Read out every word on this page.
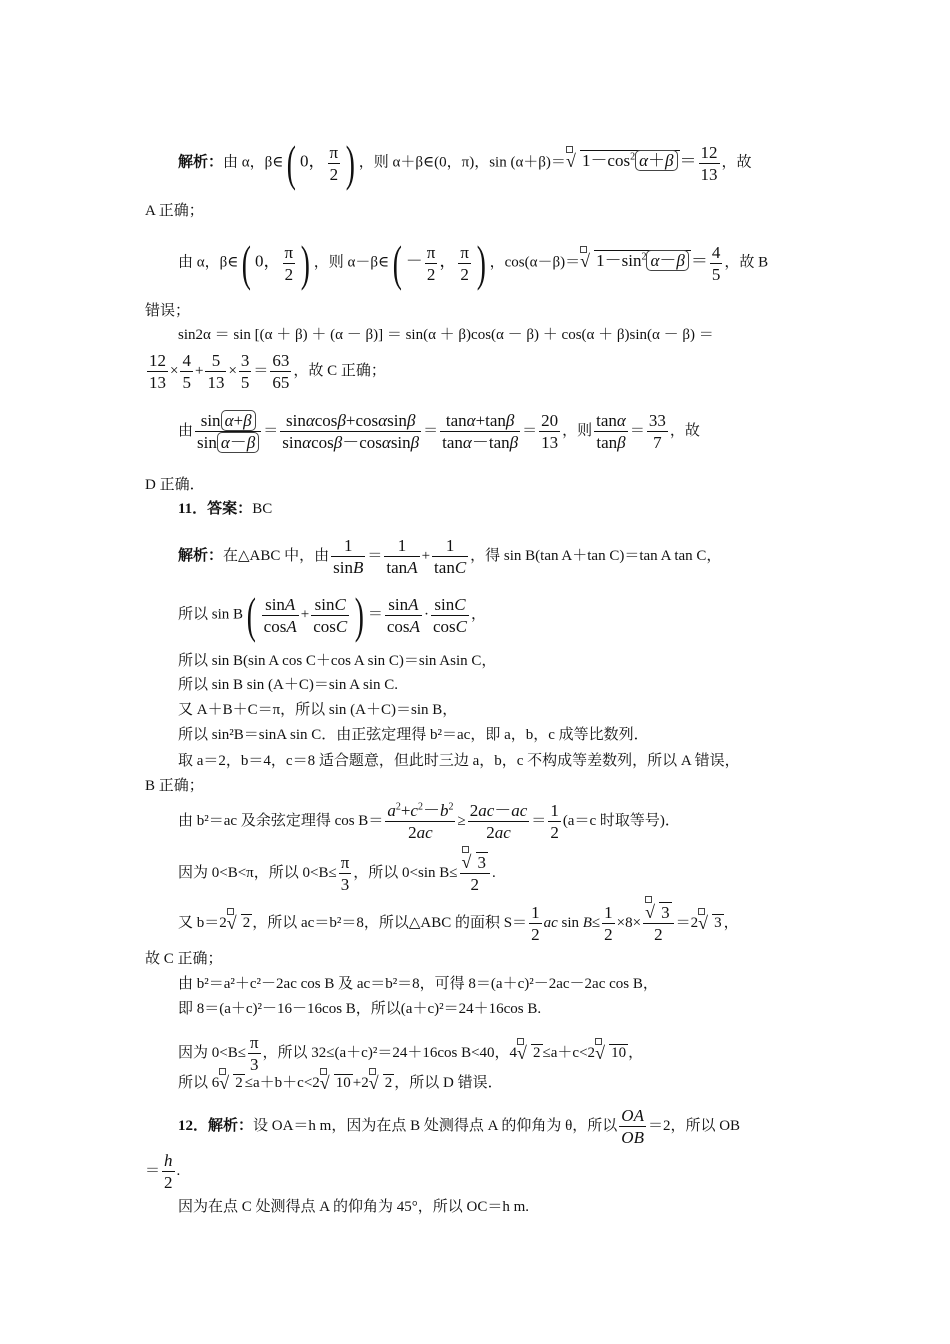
解析：由 α，β∈( 0， $\frac{\pi}{2}$ ) ，则 α＋β∈(0，π)，sin (α＋β)＝ √ $1-\cos^2$ $\alpha+\beta = \frac{12}{13}$ ，故
A 正确；
由 α，β∈( 0， $\frac{\pi}{2}$ ) ，则 α－β∈( － $\frac{\pi}{2}$ ， $\frac{\pi}{2}$ ) ，cos(α－β)＝ √ $1-\sin^2$ $\alpha-\beta = \frac{4}{5}$ ，故 B
错误；
sin2α ＝ sin [(α ＋ β) ＋ (α － β)] ＝ sin(α ＋ β)cos(α － β) ＋ cos(α ＋ β)sin(α － β) ＝
$\frac{12}{13} \times \frac{4}{5} + \frac{5}{13} \times \frac{3}{5} = \frac{63}{65}$ ，故 C 正确；
由 $\frac{\text{sin α+β}}{\text{sin α－β}} = \frac{\sin\alpha\cos\beta+\cos\alpha\sin\beta}{\sin\alpha\cos\beta-\cos\alpha\sin\beta} = \frac{\tan\alpha+\tan\beta}{\tan\alpha-\tan\beta} = \frac{20}{13}$ ，则 $\frac{\tan\alpha}{\tan\beta} = \frac{33}{7}$ ，故
D 正确．
11．答案：BC
解析：在△ABC 中，由 $\frac{1}{\sin B} = \frac{1}{\tan A} + \frac{1}{\tan C}$ ，得 sin B(tan A＋tan C)＝tan A tan C，
所以 $\sin B( \frac{\sin A}{\cos A} + \frac{\sin C}{\cos C}$ ) ＝ $\frac{\sin A}{\cos A} \cdot \frac{\sin C}{\cos C}$ ，
所以 sin B(sin A cos C＋cos A sin C)＝sin Asin C，
所以 sin B sin (A＋C)＝sin A sin C.
又 A＋B＋C＝π，所以 sin (A＋C)＝sin B，
所以 sin²B＝sinA sin C．由正弦定理得 b²＝ac，即 a，b，c 成等比数列．
取 a＝2，b＝4，c＝8 适合题意，但此时三边 a，b，c 不构成等差数列，所以 A 错误，
B 正确；
由 b²＝ac 及余弦定理得 $\cos B= \frac{a^2+c^2-b^2}{2ac} \ge \frac{2ac-ac}{2ac} = \frac{1}{2} (a=c$ 时取等号)．
因为 0<B<π，所以 $0<B\le \frac{\pi}{3}$ ，所以 0<sin $B\le \frac{√ 3}{2}$ .
又 b＝2 √ 2 ，所以 ac＝b²＝8，所以△ABC 的面积 $S= \frac{1}{2}$ ac $\sin B\le \frac{1}{2} \times 8\times \frac{√ 3}{2} =2$ √ 3 ，
故 C 正确；
由 b²＝a²＋c²－2ac cos B 及 ac＝b²＝8，可得 8＝(a＋c)²－2ac－2ac cos B，
即 8＝(a＋c)²－16－16cos B，所以(a＋c)²＝24＋16cos B.
因为 $0<B\le \frac{\pi}{3}$ ，所以 32≤(a＋c)²＝24＋16cos B<40，4 √ 2 ≤a＋c<2 √ 10 ，
所以 6 √ 2 ≤a＋b＋c<2 √ 10 +2 √ 2 ，所以 D 错误．
12．解析：设 OA＝h m，因为在点 B 处测得点 A 的仰角为 θ，所以 $\frac{OA}{OB} =2$，所以 OB
＝ $\frac{h}{2}$ .
因为在点 C 处测得点 A 的仰角为 45°，所以 OC＝h m.
